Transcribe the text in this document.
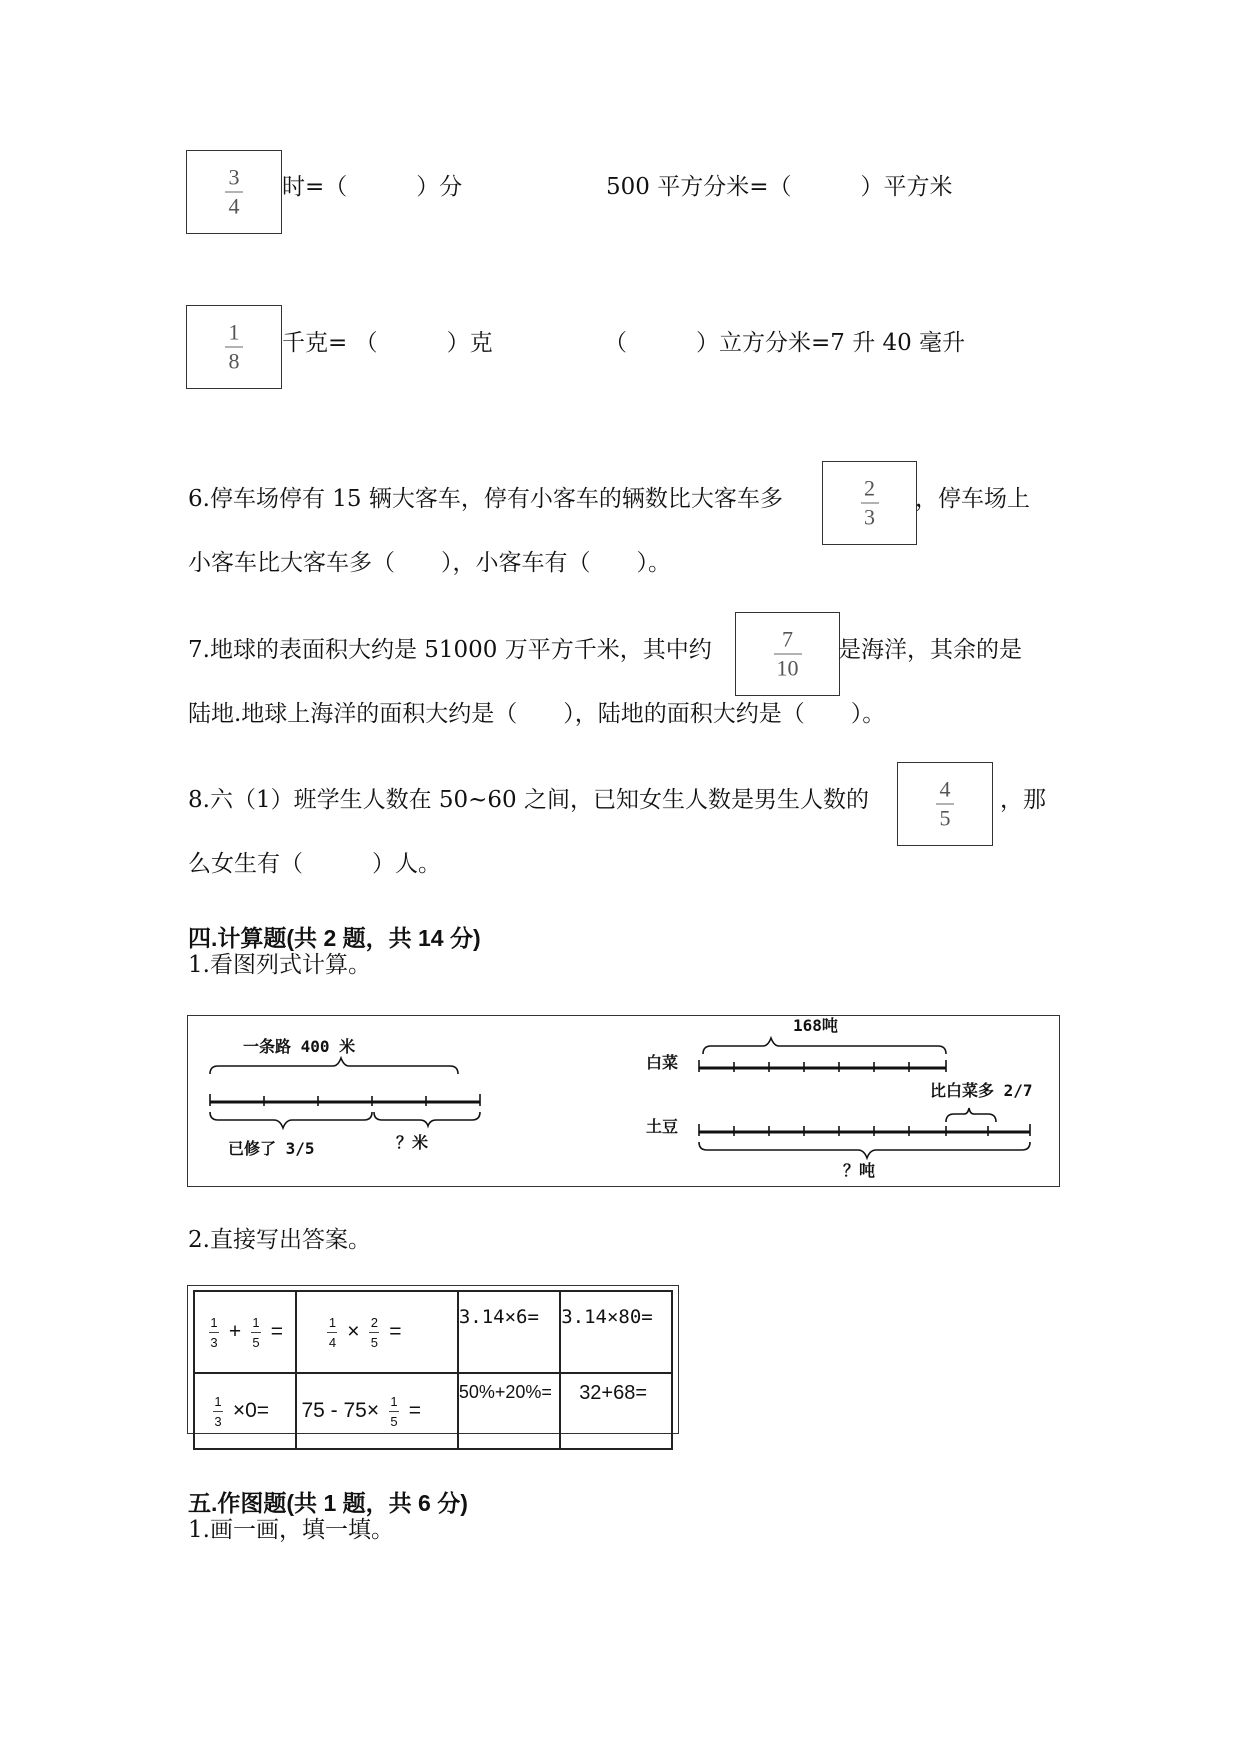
3
4
时=（　　　）分	500 平方分米=（　　　）平方米
1
8
千克= （　　　）克	（　　　）立方分米=7 升 40 毫升
6.停车场停有 15 辆大客车，停有小客车的辆数比大客车多	2
3
，停车场上
小客车比大客车多（　　），小客车有（　　）。
7.地球的表面积大约是 51000 万平方千米，其中约	7
10
是海洋，其余的是
陆地.地球上海洋的面积大约是（　　），陆地的面积大约是（　　）。
8.六（1）班学生人数在 50~60 之间，已知女生人数是男生人数的	4
5
，那
么女生有（　　　）人。
四.计算题(共 2 题，共 14 分)
1.看图列式计算。
一条路 400 米
已修了 3/5	？米
168吨
白菜
比白菜多 2/7
土豆
？吨
2.直接写出答案。
$\frac{1}{3} + \frac{1}{5}$ =	$\frac{1}{4} \times \frac{2}{5}$ =	3.14×6=	3.14×80=
$\frac{1}{3} \times 0=$	$75 - 75\times \frac{1}{5}$ =	50%+20%=	32+68=
五.作图题(共 1 题，共 6 分)
1.画一画，填一填。
